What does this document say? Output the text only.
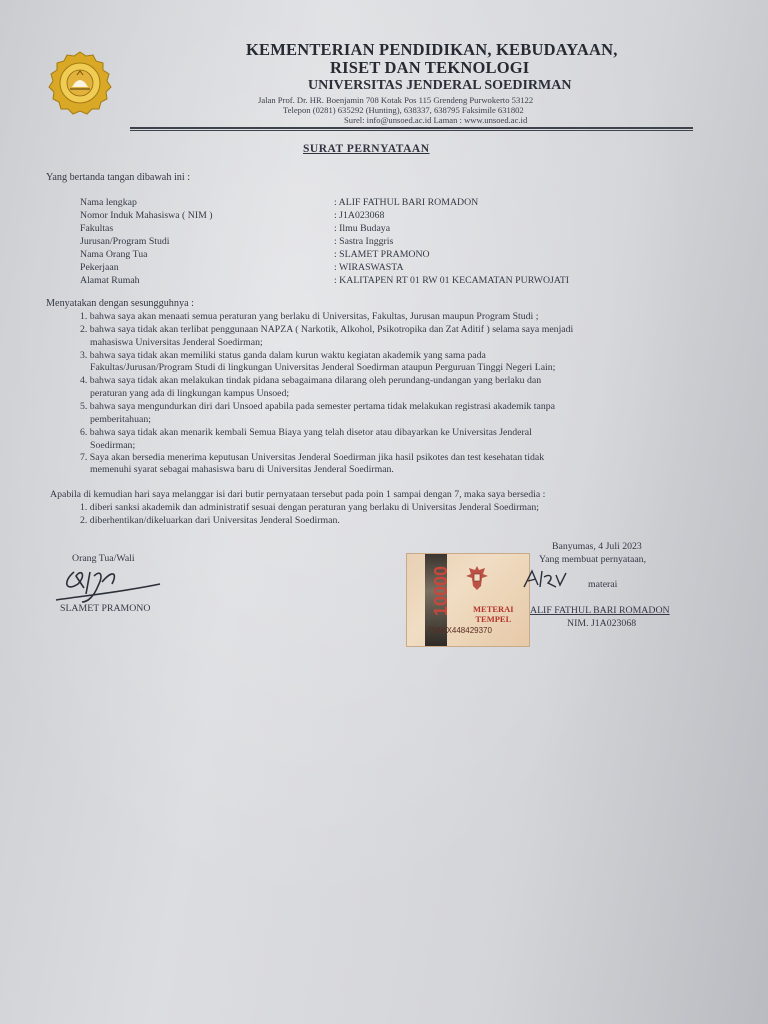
KEMENTERIAN PENDIDIKAN, KEBUDAYAAN,
RISET DAN TEKNOLOGI
UNIVERSITAS JENDERAL SOEDIRMAN
Jalan Prof. Dr. HR. Boenjamin 708 Kotak Pos 115 Grendeng Purwokerto 53122
Telepon (0281) 635292 (Hunting), 638337, 638795 Faksimile 631802
Surel: info@unsoed.ac.id Laman : www.unsoed.ac.id
SURAT PERNYATAAN
Yang bertanda tangan dibawah ini :
Nama lengkap	: ALIF FATHUL BARI ROMADON
Nomor Induk Mahasiswa ( NIM )	: J1A023068
Fakultas	: Ilmu Budaya
Jurusan/Program Studi	: Sastra Inggris
Nama Orang Tua	: SLAMET PRAMONO
Pekerjaan	: WIRASWASTA
Alamat Rumah	: KALITAPEN RT 01 RW 01 KECAMATAN PURWOJATI
Menyatakan dengan sesungguhnya :
1. bahwa saya akan menaati semua peraturan yang berlaku di Universitas, Fakultas, Jurusan maupun Program Studi ;
2. bahwa saya tidak akan terlibat penggunaan NAPZA ( Narkotik, Alkohol, Psikotropika dan Zat Aditif ) selama saya menjadi
mahasiswa Universitas Jenderal Soedirman;
3. bahwa saya tidak akan memiliki status ganda dalam kurun waktu kegiatan akademik yang sama pada
Fakultas/Jurusan/Program Studi di lingkungan Universitas Jenderal Soedirman ataupun Perguruan Tinggi Negeri Lain;
4. bahwa saya tidak akan melakukan tindak pidana sebagaimana dilarang oleh perundang-undangan yang berlaku dan
peraturan yang ada di lingkungan kampus Unsoed;
5. bahwa saya mengundurkan diri dari Unsoed apabila pada semester pertama tidak melakukan registrasi akademik tanpa
pemberitahuan;
6. bahwa saya tidak akan menarik kembali Semua Biaya yang telah disetor atau dibayarkan ke Universitas Jenderal
Soedirman;
7. Saya akan bersedia menerima keputusan Universitas Jenderal Soedirman jika hasil psikotes dan test kesehatan tidak
memenuhi syarat sebagai mahasiswa baru di Universitas Jenderal Soedirman.
Apabila di kemudian hari saya melanggar isi dari butir pernyataan tersebut pada poin 1 sampai dengan 7, maka saya bersedia :
1. diberi sanksi akademik dan administratif sesuai dengan peraturan yang berlaku di Universitas Jenderal Soedirman;
2. diberhentikan/dikeluarkan dari Universitas Jenderal Soedirman.
Orang Tua/Wali
SLAMET PRAMONO
Banyumas, 4 Juli 2023
Yang membuat pernyataan,
materai
10000	METERAI
TEMPEL
73AKX448429370
ALIF FATHUL BARI ROMADON
NIM. J1A023068
